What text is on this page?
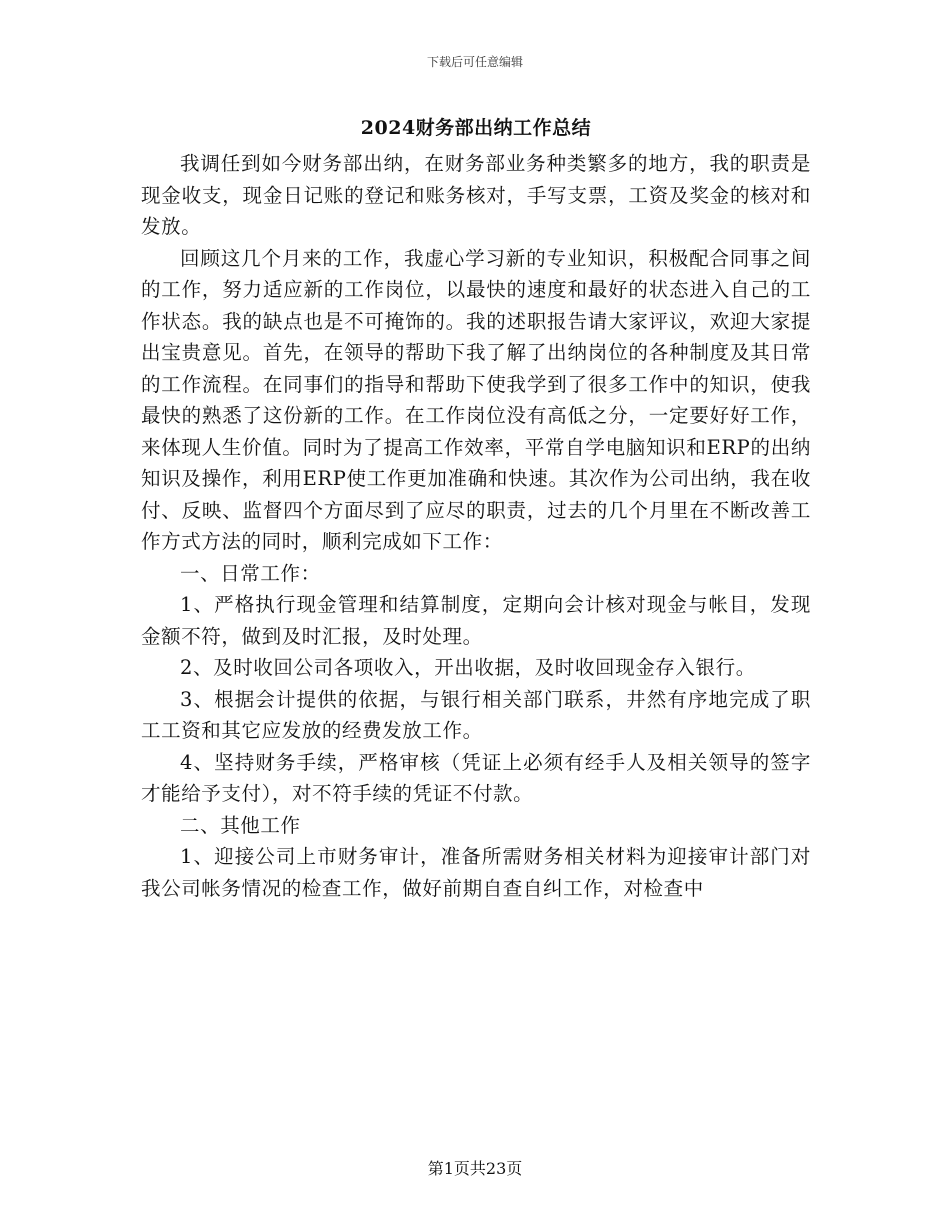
下载后可任意编辑
2024财务部出纳工作总结

我调任到如今财务部出纳，在财务部业务种类繁多的地方，我的职责是现金收支，现金日记账的登记和账务核对，手写支票，工资及奖金的核对和发放。

回顾这几个月来的工作，我虚心学习新的专业知识，积极配合同事之间的工作，努力适应新的工作岗位，以最快的速度和最好的状态进入自己的工作状态。我的缺点也是不可掩饰的。我的述职报告请大家评议，欢迎大家提出宝贵意见。首先，在领导的帮助下我了解了出纳岗位的各种制度及其日常的工作流程。在同事们的指导和帮助下使我学到了很多工作中的知识，使我最快的熟悉了这份新的工作。在工作岗位没有高低之分，一定要好好工作，来体现人生价值。同时为了提高工作效率，平常自学电脑知识和ERP的出纳知识及操作，利用ERP使工作更加准确和快速。其次作为公司出纳，我在收付、反映、监督四个方面尽到了应尽的职责，过去的几个月里在不断改善工作方式方法的同时，顺利完成如下工作：

一、日常工作：

1、严格执行现金管理和结算制度，定期向会计核对现金与帐目，发现金额不符，做到及时汇报，及时处理。

2、及时收回公司各项收入，开出收据，及时收回现金存入银行。

3、根据会计提供的依据，与银行相关部门联系，井然有序地完成了职工工资和其它应发放的经费发放工作。

4、坚持财务手续，严格审核（凭证上必须有经手人及相关领导的签字才能给予支付），对不符手续的凭证不付款。

二、其他工作

1、迎接公司上市财务审计，准备所需财务相关材料为迎接审计部门对我公司帐务情况的检查工作，做好前期自查自纠工作，对检查中

第1页共23页
